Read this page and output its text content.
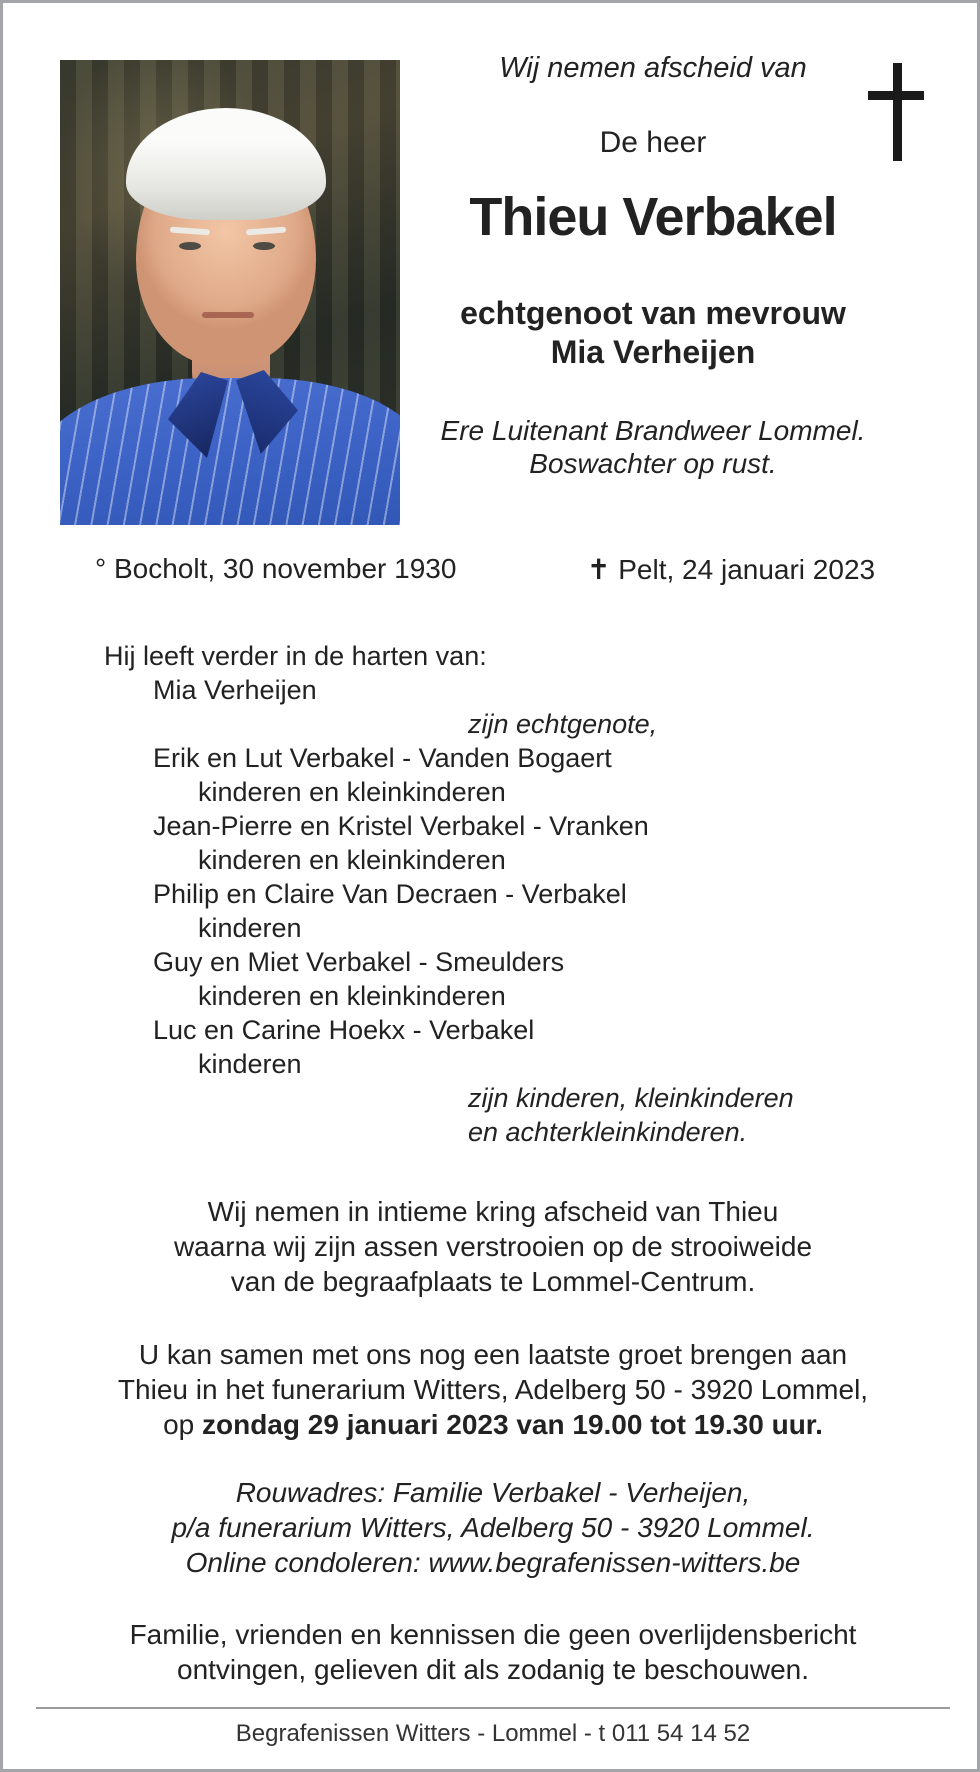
Wij nemen afscheid van
De heer
Thieu Verbakel
echtgenoot van mevrouw
Mia Verheijen
Ere Luitenant Brandweer Lommel.
Boswachter op rust.
° Bocholt, 30 november 1930	✝ Pelt, 24 januari 2023
Hij leeft verder in de harten van:
Mia Verheijen
zijn echtgenote,
Erik en Lut Verbakel - Vanden Bogaert
kinderen en kleinkinderen
Jean-Pierre en Kristel Verbakel - Vranken
kinderen en kleinkinderen
Philip en Claire Van Decraen - Verbakel
kinderen
Guy en Miet Verbakel - Smeulders
kinderen en kleinkinderen
Luc en Carine Hoekx - Verbakel
kinderen
zijn kinderen, kleinkinderen
en achterkleinkinderen.
Wij nemen in intieme kring afscheid van Thieu
waarna wij zijn assen verstrooien op de strooiweide
van de begraafplaats te Lommel-Centrum.
U kan samen met ons nog een laatste groet brengen aan
Thieu in het funerarium Witters, Adelberg 50 - 3920 Lommel,
op zondag 29 januari 2023 van 19.00 tot 19.30 uur.
Rouwadres: Familie Verbakel - Verheijen,
p/a funerarium Witters, Adelberg 50 - 3920 Lommel.
Online condoleren: www.begrafenissen-witters.be
Familie, vrienden en kennissen die geen overlijdensbericht
ontvingen, gelieven dit als zodanig te beschouwen.
Begrafenissen Witters - Lommel - t 011 54 14 52
